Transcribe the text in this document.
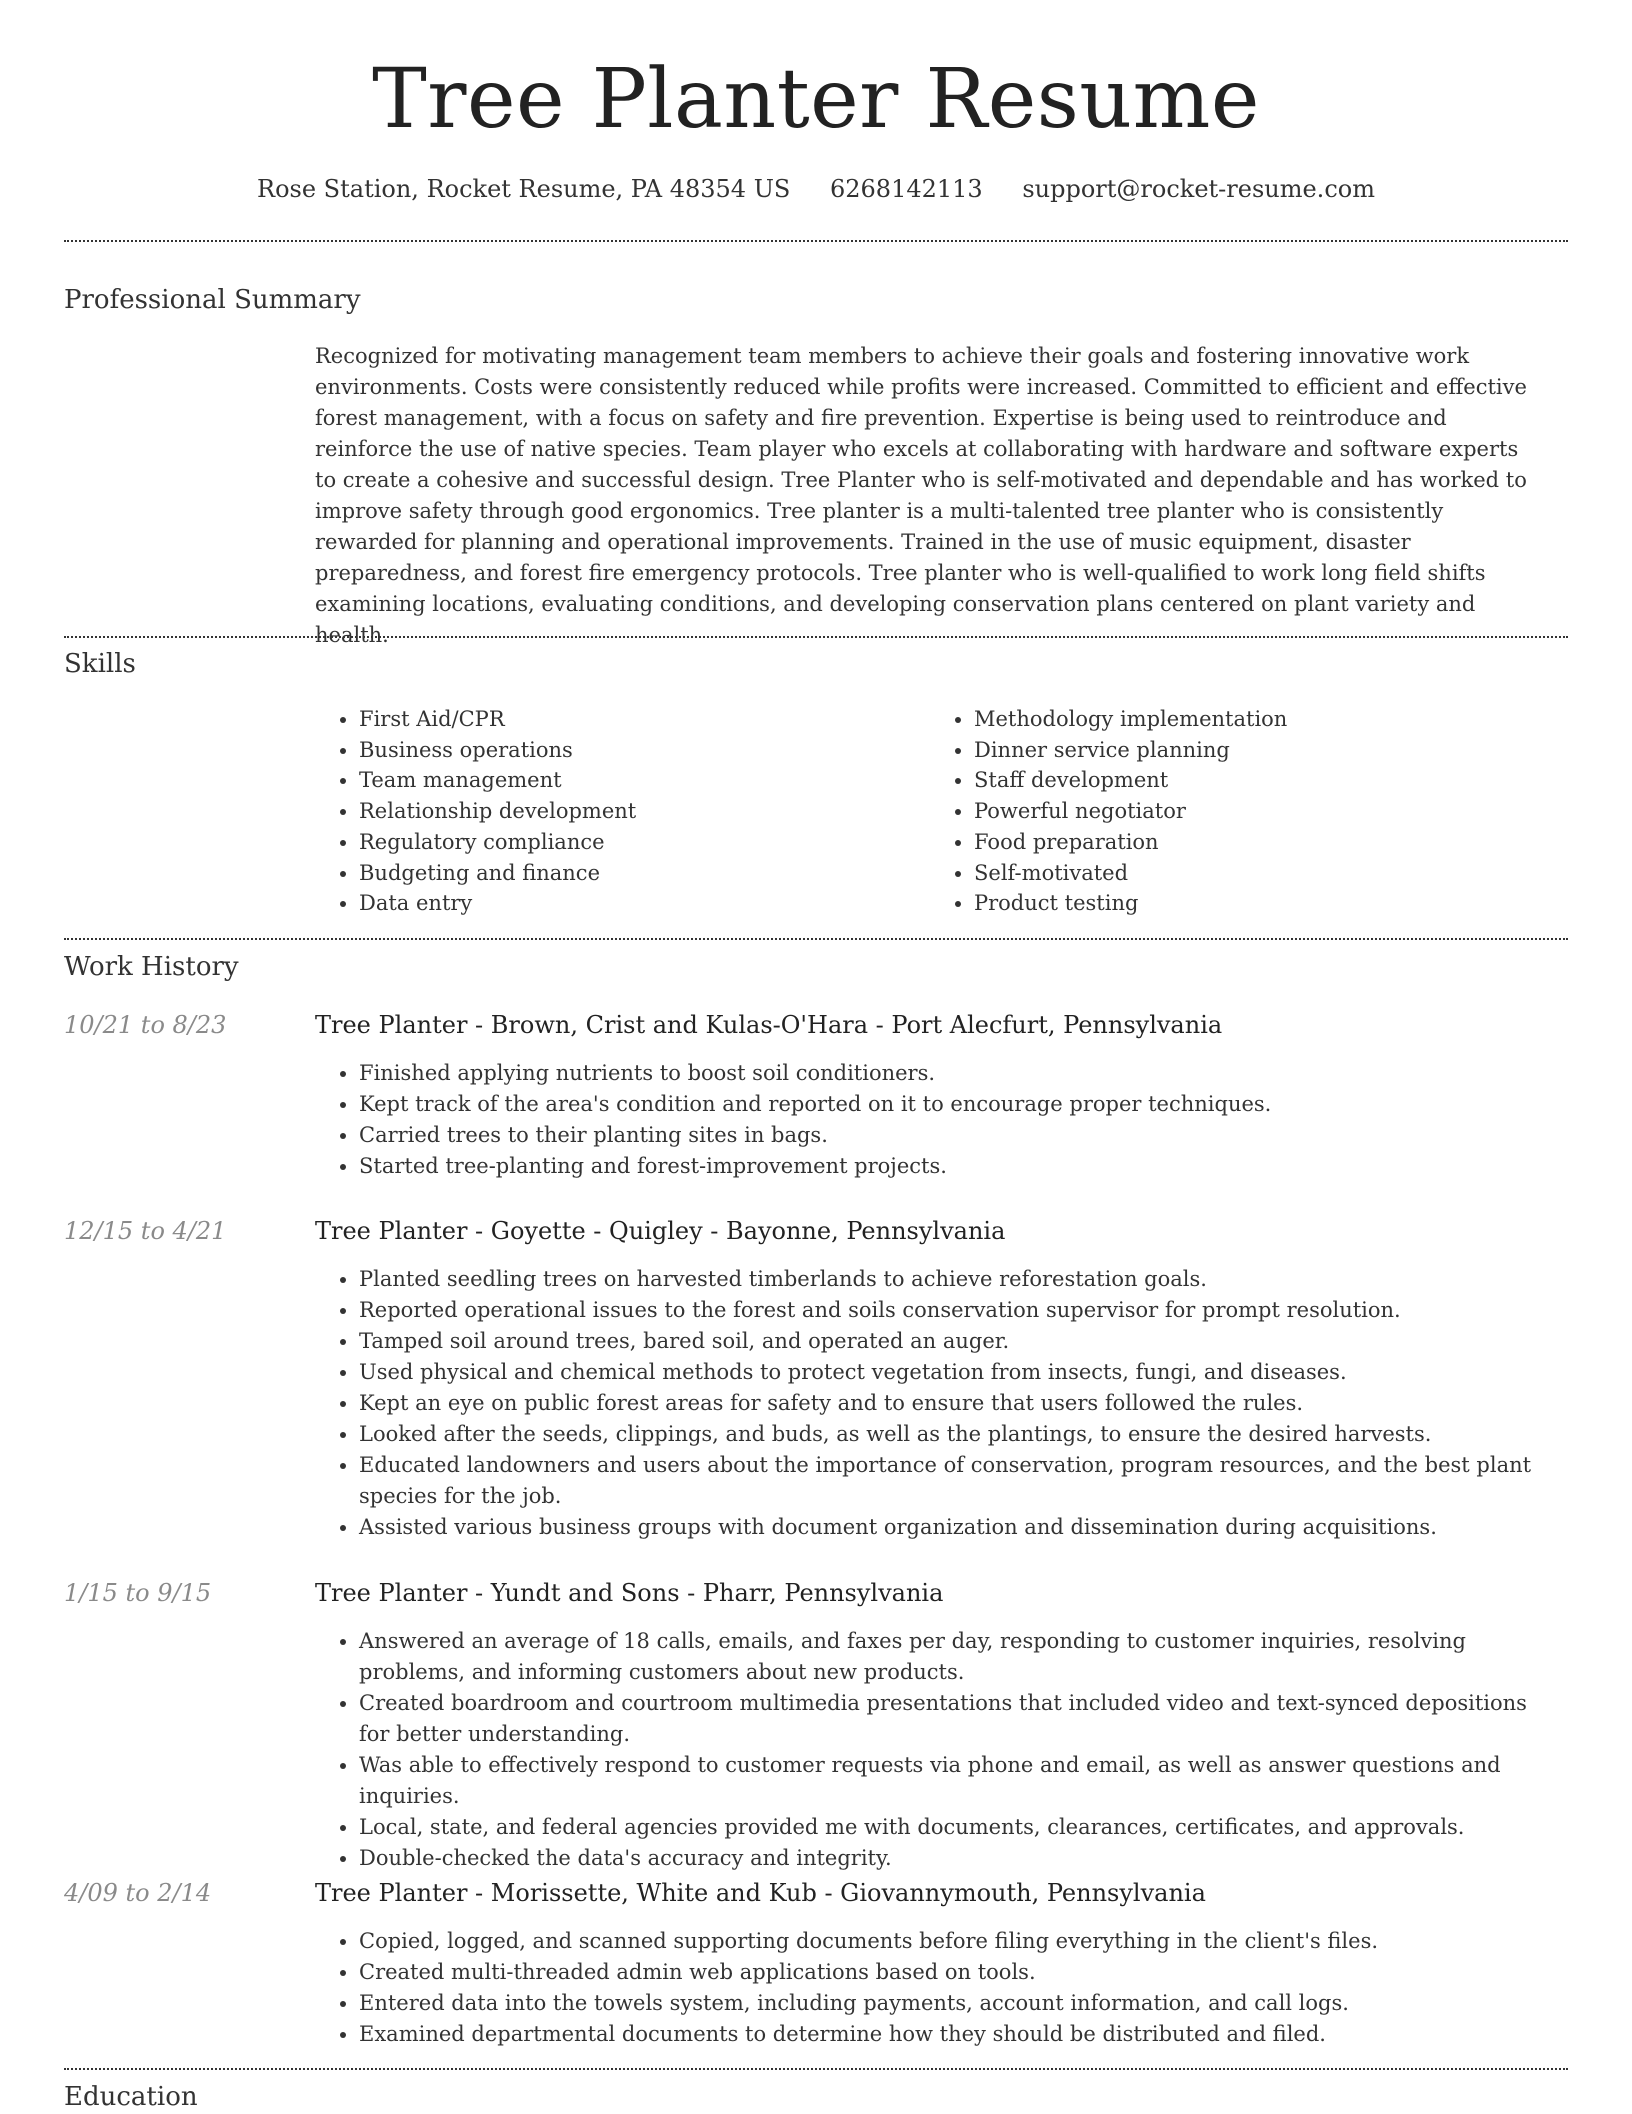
Tree Planter Resume
Rose Station, Rocket Resume, PA 48354 US 6268142113 support@rocket-resume.com
Professional Summary

Recognized for motivating management team members to achieve their goals and fostering innovative work environments. Costs were consistently reduced while profits were increased. Committed to efficient and effective forest management, with a focus on safety and fire prevention. Expertise is being used to reintroduce and reinforce the use of native species. Team player who excels at collaborating with hardware and software experts to create a cohesive and successful design. Tree Planter who is self-motivated and dependable and has worked to improve safety through good ergonomics. Tree planter is a multi-talented tree planter who is consistently rewarded for planning and operational improvements. Trained in the use of music equipment, disaster preparedness, and forest fire emergency protocols. Tree planter who is well-qualified to work long field shifts examining locations, evaluating conditions, and developing conservation plans centered on plant variety and health.

Skills
• First Aid/CPR
• Business operations
• Team management
• Relationship development
• Regulatory compliance
• Budgeting and finance
• Data entry
• Methodology implementation
• Dinner service planning
• Staff development
• Powerful negotiator
• Food preparation
• Self-motivated
• Product testing
Work History
10/21 to 8/23	Tree Planter - Brown, Crist and Kulas-O'Hara - Port Alecfurt, Pennsylvania
• Finished applying nutrients to boost soil conditioners.
• Kept track of the area's condition and reported on it to encourage proper techniques.
• Carried trees to their planting sites in bags.
• Started tree-planting and forest-improvement projects.
12/15 to 4/21	Tree Planter - Goyette - Quigley - Bayonne, Pennsylvania
• Planted seedling trees on harvested timberlands to achieve reforestation goals.
• Reported operational issues to the forest and soils conservation supervisor for prompt resolution.
• Tamped soil around trees, bared soil, and operated an auger.
• Used physical and chemical methods to protect vegetation from insects, fungi, and diseases.
• Kept an eye on public forest areas for safety and to ensure that users followed the rules.
• Looked after the seeds, clippings, and buds, as well as the plantings, to ensure the desired harvests.
• Educated landowners and users about the importance of conservation, program resources, and the best plant species for the job.
• Assisted various business groups with document organization and dissemination during acquisitions.
1/15 to 9/15	Tree Planter - Yundt and Sons - Pharr, Pennsylvania
• Answered an average of 18 calls, emails, and faxes per day, responding to customer inquiries, resolving problems, and informing customers about new products.
• Created boardroom and courtroom multimedia presentations that included video and text-synced depositions for better understanding.
• Was able to effectively respond to customer requests via phone and email, as well as answer questions and inquiries.
• Local, state, and federal agencies provided me with documents, clearances, certificates, and approvals.
• Double-checked the data's accuracy and integrity.
4/09 to 2/14	Tree Planter - Morissette, White and Kub - Giovannymouth, Pennsylvania
• Copied, logged, and scanned supporting documents before filing everything in the client's files.
• Created multi-threaded admin web applications based on tools.
• Entered data into the towels system, including payments, account information, and call logs.
• Examined departmental documents to determine how they should be distributed and filed.
Education
